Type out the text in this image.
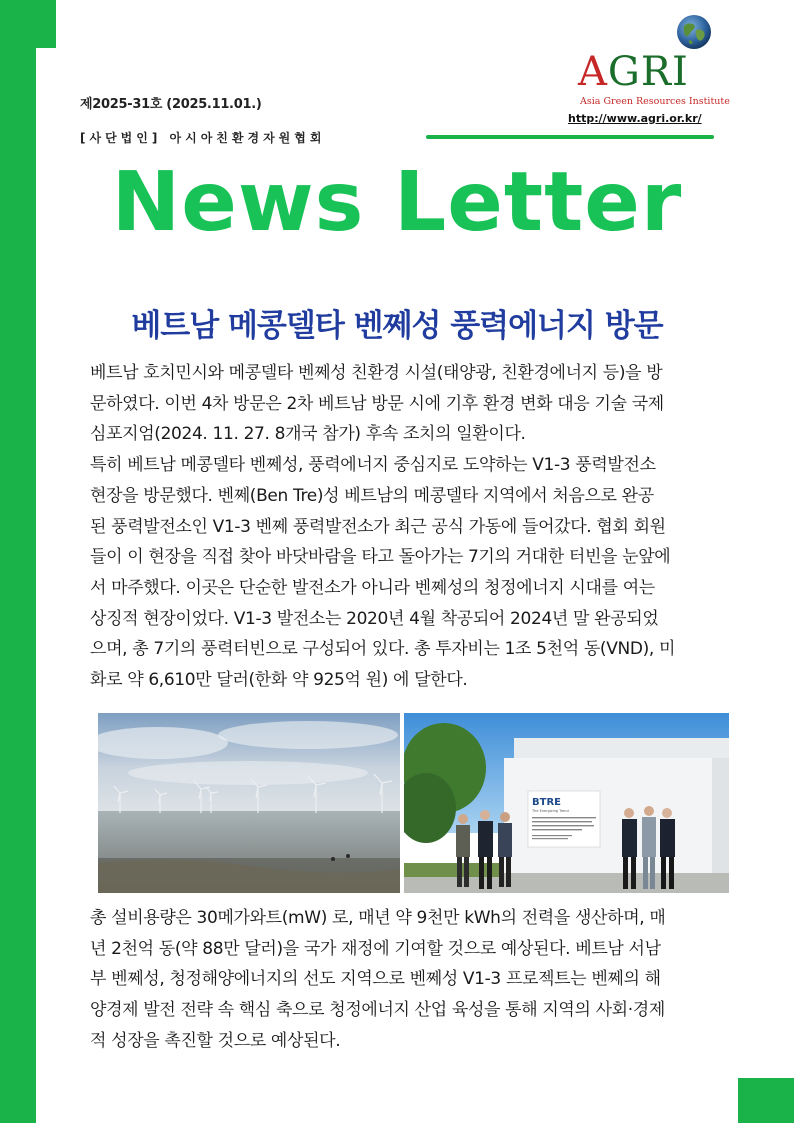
제2025-31호 (2025.11.01.)
[사단법인] 아시아친환경자원협회
AGRI
Asia Green Resources Institute
http://www.agri.or.kr/
News Letter
베트남 메콩델타 벤쩨성 풍력에너지 방문

베트남 호치민시와 메콩델타 벤쩨성 친환경 시설(태양광, 친환경에너지 등)을 방

문하였다. 이번 4차 방문은 2차 베트남 방문 시에 기후 환경 변화 대응 기술 국제

심포지엄(2024. 11. 27. 8개국 참가) 후속 조치의 일환이다.

특히 베트남 메콩델타 벤쩨성, 풍력에너지 중심지로 도약하는 V1-3 풍력발전소

현장을 방문했다. 벤쩨(Ben Tre)성 베트남의 메콩델타 지역에서 처음으로 완공

된 풍력발전소인 V1-3 벤쩨 풍력발전소가 최근 공식 가동에 들어갔다. 협회 회원

들이 이 현장을 직접 찾아 바닷바람을 타고 돌아가는 7기의 거대한 터빈을 눈앞에

서 마주했다. 이곳은 단순한 발전소가 아니라 벤쩨성의 청정에너지 시대를 여는

상징적 현장이었다. V1-3 발전소는 2020년 4월 착공되어 2024년 말 완공되었

으며, 총 7기의 풍력터빈으로 구성되어 있다. 총 투자비는 1조 5천억 동(VND), 미

화로 약 6,610만 달러(한화 약 925억 원) 에 달한다.

BTRE
The Energizing Trend

총 설비용량은 30메가와트(mW) 로, 매년 약 9천만 kWh의 전력을 생산하며, 매

년 2천억 동(약 88만 달러)을 국가 재정에 기여할 것으로 예상된다. 베트남 서남

부 벤쩨성, 청정해양에너지의 선도 지역으로 벤쩨성 V1-3 프로젝트는 벤쩨의 해

양경제 발전 전략 속 핵심 축으로 청정에너지 산업 육성을 통해 지역의 사회·경제

적 성장을 촉진할 것으로 예상된다.
